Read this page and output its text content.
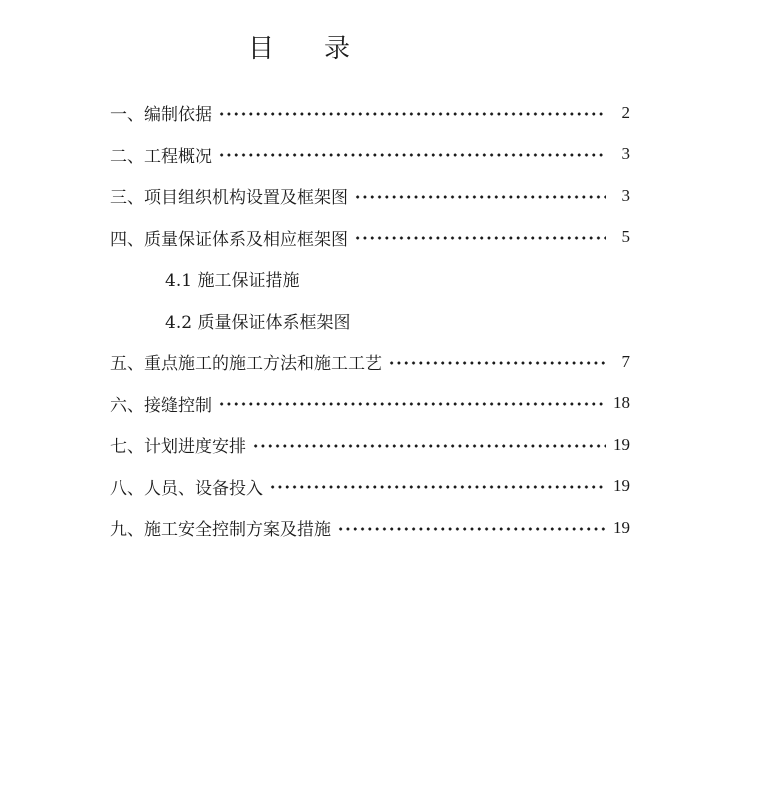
目 录
一、编制依据	2
二、工程概况	3
三、项目组织机构设置及框架图	3
四、质量保证体系及相应框架图	5
4.1 施工保证措施
4.2 质量保证体系框架图
五、重点施工的施工方法和施工工艺	7
六、接缝控制	18
七、计划进度安排	19
八、人员、设备投入	19
九、施工安全控制方案及措施	19
